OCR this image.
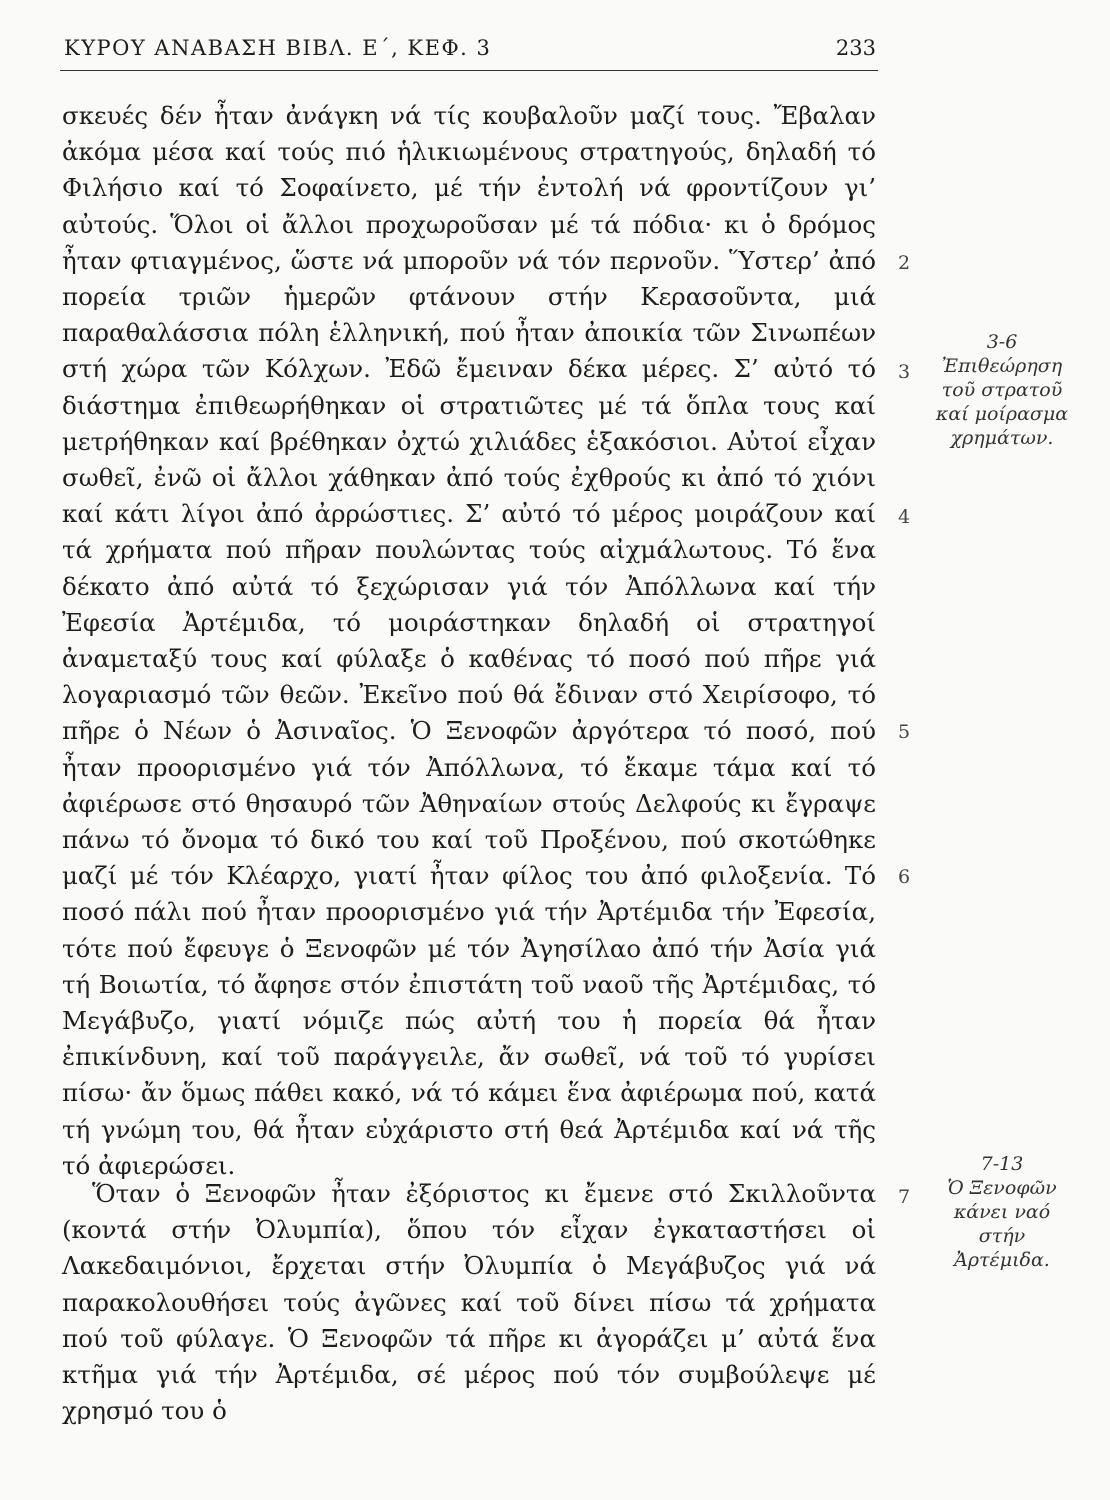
ΚΥΡΟΥ ΑΝΑΒΑΣΗ ΒΙΒΛ. Ε΄, ΚΕΦ. 3	233

σκευές δέν ἦταν ἀνάγκη νά τίς κουβαλοῦν μαζί τους. Ἔβαλαν ἀκόμα μέσα καί τούς πιό ἡλικιωμένους στρατηγούς, δηλαδή τό Φιλήσιο καί τό Σοφαίνετο, μέ τήν ἐντολή νά φροντίζουν γι’ αὐτούς. Ὅλοι οἱ ἄλλοι προχωροῦσαν μέ τά πόδια· κι ὁ δρόμος ἦταν φτιαγμένος, ὥστε νά μποροῦν νά τόν περνοῦν. Ὕστερ’ ἀπό πορεία τριῶν ἡμερῶν φτάνουν στήν Κερασοῦντα, μιά παραθαλάσσια πόλη ἑλληνική, πού ἦταν ἀποικία τῶν Σινωπέων στή χώρα τῶν Κόλχων. Ἐδῶ ἔμειναν δέκα μέρες. Σ’ αὐτό τό διάστημα ἐπιθεωρήθηκαν οἱ στρατιῶτες μέ τά ὅπλα τους καί μετρήθηκαν καί βρέθηκαν ὀχτώ χιλιάδες ἑξακόσιοι. Αὐτοί εἶχαν σωθεῖ, ἐνῶ οἱ ἄλλοι χάθηκαν ἀπό τούς ἐχθρούς κι ἀπό τό χιόνι καί κάτι λίγοι ἀπό ἀρρώστιες. Σ’ αὐτό τό μέρος μοιράζουν καί τά χρήματα πού πῆραν πουλώντας τούς αἰχμάλωτους. Τό ἕνα δέκατο ἀπό αὐτά τό ξεχώρισαν γιά τόν Ἀπόλλωνα καί τήν Ἐφεσία Ἀρτέμιδα, τό μοιράστηκαν δηλαδή οἱ στρατηγοί ἀναμεταξύ τους καί φύλαξε ὁ καθένας τό ποσό πού πῆρε γιά λογαριασμό τῶν θεῶν. Ἐκεῖνο πού θά ἔδιναν στό Χειρίσοφο, τό πῆρε ὁ Νέων ὁ Ἀσιναῖος. Ὁ Ξενοφῶν ἀργότερα τό ποσό, πού ἦταν προορισμένο γιά τόν Ἀπόλλωνα, τό ἔκαμε τάμα καί τό ἀφιέρωσε στό θησαυρό τῶν Ἀθηναίων στούς Δελφούς κι ἔγραψε πάνω τό ὄνομα τό δικό του καί τοῦ Προξένου, πού σκοτώθηκε μαζί μέ τόν Κλέαρχο, γιατί ἦταν φίλος του ἀπό φιλοξενία. Τό ποσό πάλι πού ἦταν προορισμένο γιά τήν Ἀρτέμιδα τήν Ἐφεσία, τότε πού ἔφευγε ὁ Ξενοφῶν μέ τόν Ἀγησίλαο ἀπό τήν Ἀσία γιά τή Βοιωτία, τό ἄφησε στόν ἐπιστάτη τοῦ ναοῦ τῆς Ἀρτέμιδας, τό Μεγάβυζο, γιατί νόμιζε πώς αὐτή του ἡ πορεία θά ἦταν ἐπικίνδυνη, καί τοῦ παράγγειλε, ἄν σωθεῖ, νά τοῦ τό γυρίσει πίσω· ἄν ὅμως πάθει κακό, νά τό κάμει ἕνα ἀφιέρωμα πού, κατά τή γνώμη του, θά ἦταν εὐχάριστο στή θεά Ἀρτέμιδα καί νά τῆς τό ἀφιερώσει.

Ὅταν ὁ Ξενοφῶν ἦταν ἐξόριστος κι ἔμενε στό Σκιλλοῦντα (κοντά στήν Ὀλυμπία), ὅπου τόν εἶχαν ἐγκαταστήσει οἱ Λακεδαιμόνιοι, ἔρχεται στήν Ὀλυμπία ὁ Μεγάβυζος γιά νά παρακολουθήσει τούς ἀγῶνες καί τοῦ δίνει πίσω τά χρήματα πού τοῦ φύλαγε. Ὁ Ξενοφῶν τά πῆρε κι ἀγοράζει μ’ αὐτά ἕνα κτῆμα γιά τήν Ἀρτέμιδα, σέ μέρος πού τόν συμβούλεψε μέ χρησμό του ὁ

2
3
4
5
6
7
3-6
Ἐπιθεώρηση τοῦ στρατοῦ καί μοίρασμα χρημάτων.
7-13
Ὁ Ξενοφῶν κάνει ναό στήν Ἀρτέμιδα.
